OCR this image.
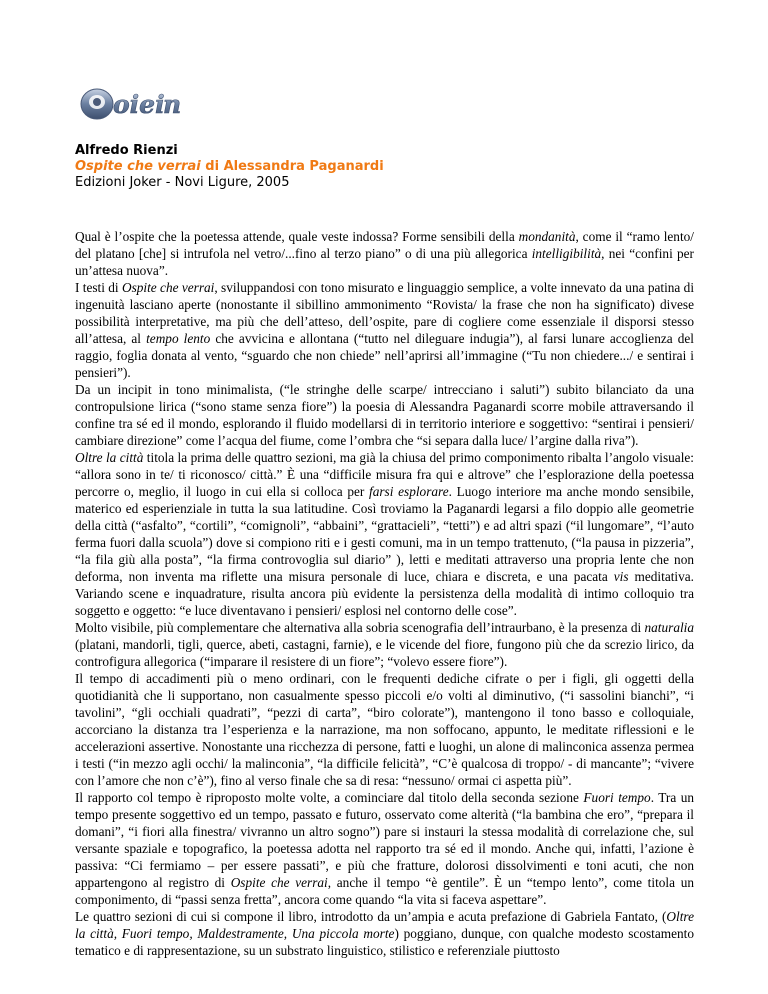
oiei
n
Alfredo Rienzi
Ospite che verrai di Alessandra Paganardi
Edizioni Joker - Novi Ligure, 2005

Qual è l’ospite che la poetessa attende, quale veste indossa? Forme sensibili della mondanità, come il “ramo lento/ del platano [che] si intrufola nel vetro/...fino al terzo piano” o di una più allegorica intelligibilità, nei “confini per un’attesa nuova”.

I testi di Ospite che verrai, sviluppandosi con tono misurato e linguaggio semplice, a volte innevato da una patina di ingenuità lasciano aperte (nonostante il sibillino ammonimento “Rovista/ la frase che non ha significato) divese possibilità interpretative, ma più che dell’atteso, dell’ospite, pare di cogliere come essenziale il disporsi stesso all’attesa, al tempo lento che avvicina e allontana (“tutto nel dileguare indugia”), al farsi lunare accoglienza del raggio, foglia donata al vento, “sguardo che non chiede” nell’aprirsi all’immagine (“Tu non chiedere.../ e sentirai i pensieri”).

Da un incipit in tono minimalista, (“le stringhe delle scarpe/ intrecciano i saluti”) subito bilanciato da una contropulsione lirica (“sono stame senza fiore”) la poesia di Alessandra Paganardi scorre mobile attraversando il confine tra sé ed il mondo, esplorando il fluido modellarsi di in territorio interiore e soggettivo: “sentirai i pensieri/ cambiare direzione” come l’acqua del fiume, come l’ombra che “si separa dalla luce/ l’argine dalla riva”).

Oltre la città titola la prima delle quattro sezioni, ma già la chiusa del primo componimento ribalta l’angolo visuale: “allora sono in te/ ti riconosco/ città.” È una “difficile misura fra qui e altrove” che l’esplorazione della poetessa percorre o, meglio, il luogo in cui ella si colloca per farsi esplorare. Luogo interiore ma anche mondo sensibile, materico ed esperienziale in tutta la sua latitudine. Così troviamo la Paganardi legarsi a filo doppio alle geometrie della città (“asfalto”, “cortili”, “comignoli”, “abbaini”, “grattacieli”, “tetti”) e ad altri spazi (“il lungomare”, “l’auto ferma fuori dalla scuola”) dove si compiono riti e i gesti comuni, ma in un tempo trattenuto, (“la pausa in pizzeria”, “la fila giù alla posta”, “la firma controvoglia sul diario” ), letti e meditati attraverso una propria lente che non deforma, non inventa ma riflette una misura personale di luce, chiara e discreta, e una pacata vis meditativa. Variando scene e inquadrature, risulta ancora più evidente la persistenza della modalità di intimo colloquio tra soggetto e oggetto: “e luce diventavano i pensieri/ esplosi nel contorno delle cose”.

Molto visibile, più complementare che alternativa alla sobria scenografia dell’intraurbano, è la presenza di naturalia (platani, mandorli, tigli, querce, abeti, castagni, farnie), e le vicende del fiore, fungono più che da screzio lirico, da controfigura allegorica (“imparare il resistere di un fiore”; “volevo essere fiore”).

Il tempo di accadimenti più o meno ordinari, con le frequenti dediche cifrate o per i figli, gli oggetti della quotidianità che li supportano, non casualmente spesso piccoli e/o volti al diminutivo, (“i sassolini bianchi”, “i tavolini”, “gli occhiali quadrati”, “pezzi di carta”, “biro colorate”), mantengono il tono basso e colloquiale, accorciano la distanza tra l’esperienza e la narrazione, ma non soffocano, appunto, le meditate riflessioni e le accelerazioni assertive. Nonostante una ricchezza di persone, fatti e luoghi, un alone di malinconica assenza permea i testi (“in mezzo agli occhi/ la malinconia”, “la difficile felicità”, “C’è qualcosa di troppo/ - di mancante”; “vivere con l’amore che non c’è”), fino al verso finale che sa di resa: “nessuno/ ormai ci aspetta più”.

Il rapporto col tempo è riproposto molte volte, a cominciare dal titolo della seconda sezione Fuori tempo. Tra un tempo presente soggettivo ed un tempo, passato e futuro, osservato come alterità (“la bambina che ero”, “prepara il domani”, “i fiori alla finestra/ vivranno un altro sogno”) pare si instauri la stessa modalità di correlazione che, sul versante spaziale e topografico, la poetessa adotta nel rapporto tra sé ed il mondo. Anche qui, infatti, l’azione è passiva: “Ci fermiamo – per essere passati”, e più che fratture, dolorosi dissolvimenti e toni acuti, che non appartengono al registro di Ospite che verrai, anche il tempo “è gentile”. È un “tempo lento”, come titola un componimento, di “passi senza fretta”, ancora come quando “la vita si faceva aspettare”.

Le quattro sezioni di cui si compone il libro, introdotto da un’ampia e acuta prefazione di Gabriela Fantato, (Oltre la città, Fuori tempo, Maldestramente, Una piccola morte) poggiano, dunque, con qualche modesto scostamento tematico e di rappresentazione, su un substrato linguistico, stilistico e referenziale piuttosto
